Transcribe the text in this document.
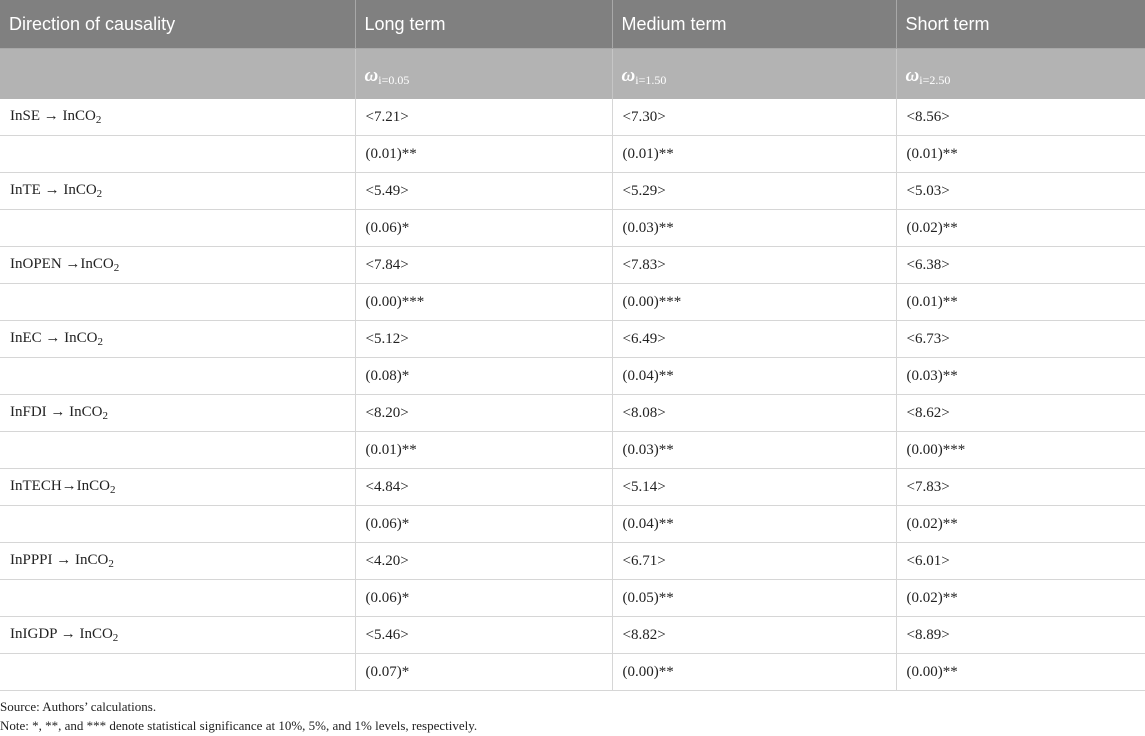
Direction of causality	Long term	Medium term	Short term
	$\omega_{i=0.05}$	$\omega_{i=1.50}$	$\omega_{i=2.50}$
InSE → InCO$_2$	<7.21>	<7.30>	<8.56>
	(0.01)**	(0.01)**	(0.01)**
InTE → InCO$_2$	<5.49>	<5.29>	<5.03>
	(0.06)*	(0.03)**	(0.02)**
InOPEN →InCO$_2$	<7.84>	<7.83>	<6.38>
	(0.00)***	(0.00)***	(0.01)**
InEC → InCO$_2$	<5.12>	<6.49>	<6.73>
	(0.08)*	(0.04)**	(0.03)**
InFDI → InCO$_2$	<8.20>	<8.08>	<8.62>
	(0.01)**	(0.03)**	(0.00)***
InTECH→InCO$_2$	<4.84>	<5.14>	<7.83>
	(0.06)*	(0.04)**	(0.02)**
InPPPI → InCO$_2$	<4.20>	<6.71>	<6.01>
	(0.06)*	(0.05)**	(0.02)**
InIGDP → InCO$_2$	<5.46>	<8.82>	<8.89>
	(0.07)*	(0.00)**	(0.00)**
Source: Authors’ calculations.
Note: *, **, and *** denote statistical significance at 10%, 5%, and 1% levels, respectively.
